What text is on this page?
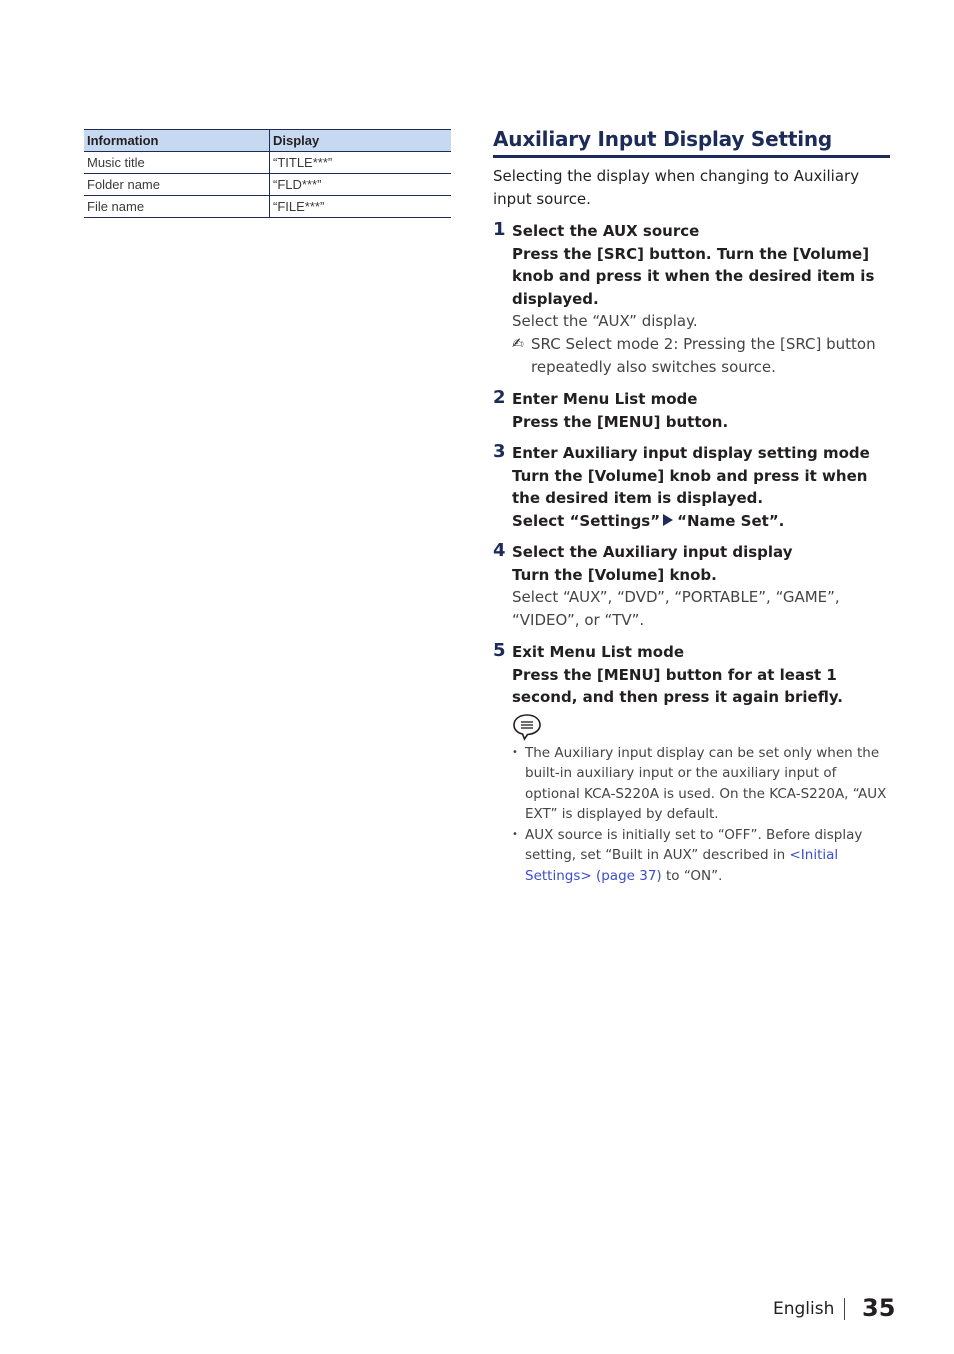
Information	Display
Music title	“TITLE***”
Folder name	“FLD***”
File name	“FILE***”
Auxiliary Input Display Setting

Selecting the display when changing to Auxiliary input source.

1 Select the AUX source
Press the [SRC] button. Turn the [Volume] knob and press it when the desired item is displayed.
Select the “AUX” display.
✍ SRC Select mode 2: Pressing the [SRC] button repeatedly also switches source.
2 Enter Menu List mode
Press the [MENU] button.
3 Enter Auxiliary input display setting mode
Turn the [Volume] knob and press it when the desired item is displayed.
Select “Settings” “Name Set”.
4 Select the Auxiliary input display
Turn the [Volume] knob.
Select “AUX”, “DVD”, “PORTABLE”, “GAME”, “VIDEO”, or “TV”.
5 Exit Menu List mode
Press the [MENU] button for at least 1 second, and then press it again briefly.
• The Auxiliary input display can be set only when the built-in auxiliary input or the auxiliary input of optional KCA-S220A is used. On the KCA-S220A, “AUX EXT” is displayed by default.
• AUX source is initially set to “OFF”. Before display setting, set “Built in AUX” described in <Initial Settings> (page 37) to “ON”.
English 35
